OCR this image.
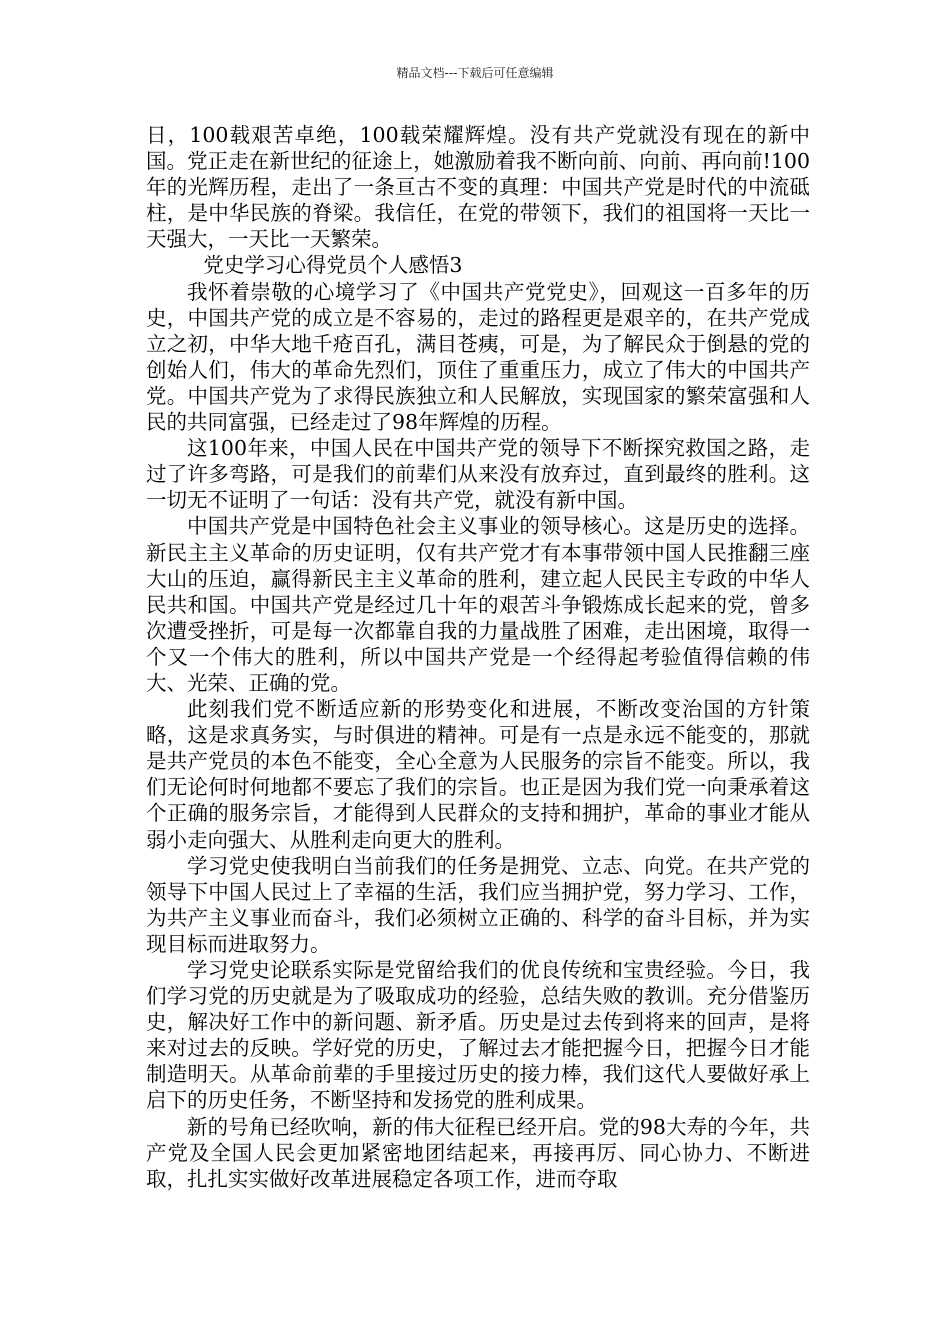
精品文档---下载后可任意编辑

日，100载艰苦卓绝，100载荣耀辉煌。没有共产党就没有现在的新中国。党正走在新世纪的征途上，她激励着我不断向前、向前、再向前!100年的光辉历程，走出了一条亘古不变的真理：中国共产党是时代的中流砥柱，是中华民族的脊梁。我信任，在党的带领下，我们的祖国将一天比一天强大，一天比一天繁荣。

党史学习心得党员个人感悟3

我怀着崇敬的心境学习了《中国共产党党史》，回观这一百多年的历史，中国共产党的成立是不容易的，走过的路程更是艰辛的，在共产党成立之初，中华大地千疮百孔，满目苍痍，可是，为了解民众于倒悬的党的创始人们，伟大的革命先烈们，顶住了重重压力，成立了伟大的中国共产党。中国共产党为了求得民族独立和人民解放，实现国家的繁荣富强和人民的共同富强，已经走过了98年辉煌的历程。

这100年来，中国人民在中国共产党的领导下不断探究救国之路，走过了许多弯路，可是我们的前辈们从来没有放弃过，直到最终的胜利。这一切无不证明了一句话：没有共产党，就没有新中国。

中国共产党是中国特色社会主义事业的领导核心。这是历史的选择。新民主主义革命的历史证明，仅有共产党才有本事带领中国人民推翻三座大山的压迫，赢得新民主主义革命的胜利，建立起人民民主专政的中华人民共和国。中国共产党是经过几十年的艰苦斗争锻炼成长起来的党，曾多次遭受挫折，可是每一次都靠自我的力量战胜了困难，走出困境，取得一个又一个伟大的胜利，所以中国共产党是一个经得起考验值得信赖的伟大、光荣、正确的党。

此刻我们党不断适应新的形势变化和进展，不断改变治国的方针策略，这是求真务实，与时俱进的精神。可是有一点是永远不能变的，那就是共产党员的本色不能变，全心全意为人民服务的宗旨不能变。所以，我们无论何时何地都不要忘了我们的宗旨。也正是因为我们党一向秉承着这个正确的服务宗旨，才能得到人民群众的支持和拥护，革命的事业才能从弱小走向强大、从胜利走向更大的胜利。

学习党史使我明白当前我们的任务是拥党、立志、向党。在共产党的领导下中国人民过上了幸福的生活，我们应当拥护党，努力学习、工作，为共产主义事业而奋斗，我们必须树立正确的、科学的奋斗目标，并为实现目标而进取努力。

学习党史论联系实际是党留给我们的优良传统和宝贵经验。今日，我们学习党的历史就是为了吸取成功的经验，总结失败的教训。充分借鉴历史，解决好工作中的新问题、新矛盾。历史是过去传到将来的回声，是将来对过去的反映。学好党的历史，了解过去才能把握今日，把握今日才能制造明天。从革命前辈的手里接过历史的接力棒，我们这代人要做好承上启下的历史任务，不断坚持和发扬党的胜利成果。

新的号角已经吹响，新的伟大征程已经开启。党的98大寿的今年，共产党及全国人民会更加紧密地团结起来，再接再厉、同心协力、不断进取，扎扎实实做好改革进展稳定各项工作，进而夺取
